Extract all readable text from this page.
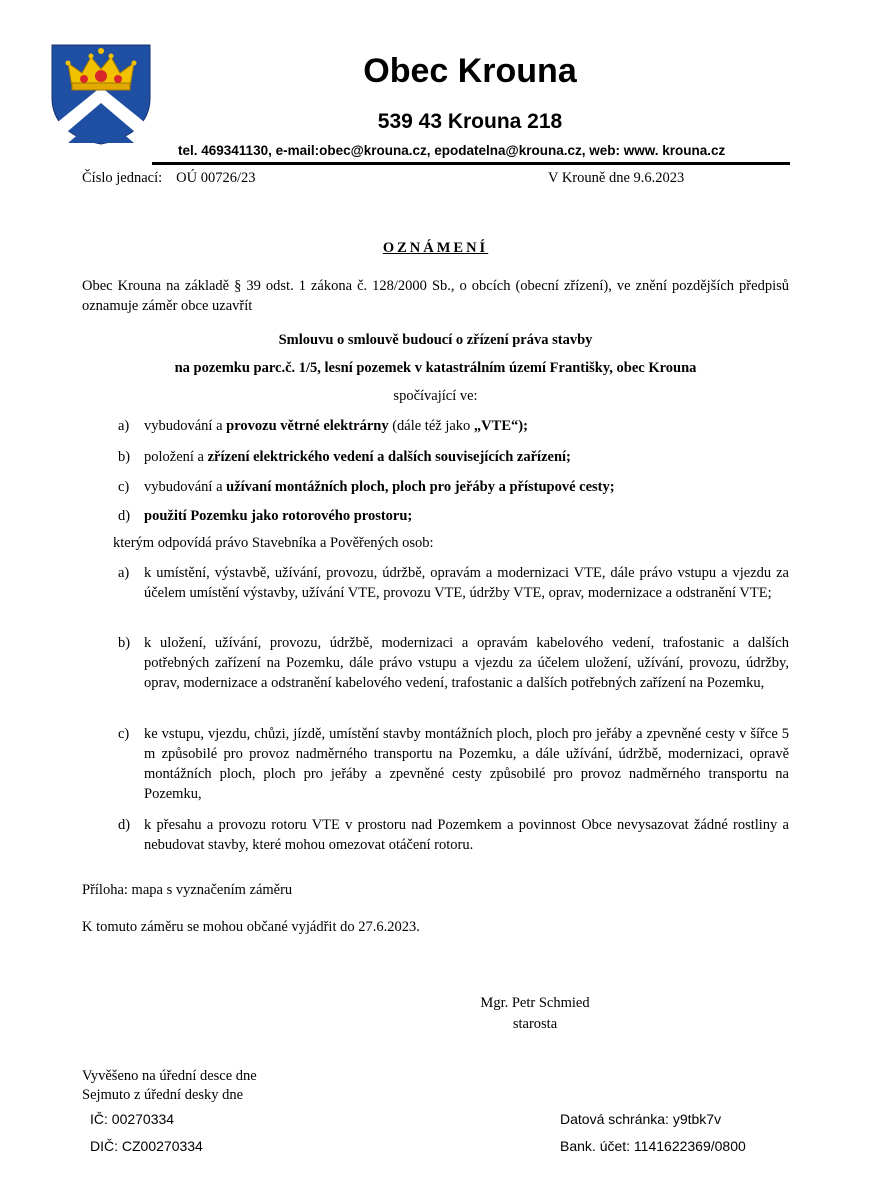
Obec Krouna
539 43 Krouna 218
tel. 469341130, e-mail:obec@krouna.cz, epodatelna@krouna.cz, web: www. krouna.cz
Číslo jednací: OÚ 00726/23	V Krouně dne 9.6.2023
OZNÁMENÍ
Obec Krouna na základě § 39 odst. 1 zákona č. 128/2000 Sb., o obcích (obecní zřízení), ve znění pozdějších předpisů oznamuje záměr obce uzavřít
Smlouvu o smlouvě budoucí o zřízení práva stavby
na pozemku parc.č. 1/5, lesní pozemek v katastrálním území Františky, obec Krouna
spočívající ve:
a) vybudování a provozu větrné elektrárny (dále též jako „VTE“);
b) položení a zřízení elektrického vedení a dalších souvisejících zařízení;
c) vybudování a užívaní montážních ploch, ploch pro jeřáby a přístupové cesty;
d) použití Pozemku jako rotorového prostoru;
kterým odpovídá právo Stavebníka a Pověřených osob:
a) k umístění, výstavbě, užívání, provozu, údržbě, opravám a modernizaci VTE, dále právo vstupu a vjezdu za účelem umístění výstavby, užívání VTE, provozu VTE, údržby VTE, oprav, modernizace a odstranění VTE;
b) k uložení, užívání, provozu, údržbě, modernizaci a opravám kabelového vedení, trafostanic a dalších potřebných zařízení na Pozemku, dále právo vstupu a vjezdu za účelem uložení, užívání, provozu, údržby, oprav, modernizace a odstranění kabelového vedení, trafostanic a dalších potřebných zařízení na Pozemku,
c) ke vstupu, vjezdu, chůzi, jízdě, umístění stavby montážních ploch, ploch pro jeřáby a zpevněné cesty v šířce 5 m způsobilé pro provoz nadměrného transportu na Pozemku, a dále užívání, údržbě, modernizaci, opravě montážních ploch, ploch pro jeřáby a zpevněné cesty způsobilé pro provoz nadměrného transportu na Pozemku,
d) k přesahu a provozu rotoru VTE v prostoru nad Pozemkem a povinnost Obce nevysazovat žádné rostliny a nebudovat stavby, které mohou omezovat otáčení rotoru.
Příloha: mapa s vyznačením záměru
K tomuto záměru se mohou občané vyjádřit do 27.6.2023.
Mgr. Petr Schmied
starosta
Vyvěšeno na úřední desce dne
Sejmuto z úřední desky dne
IČ: 00270334
DIČ: CZ00270334
Datová schránka: y9tbk7v
Bank. účet: 1141622369/0800
